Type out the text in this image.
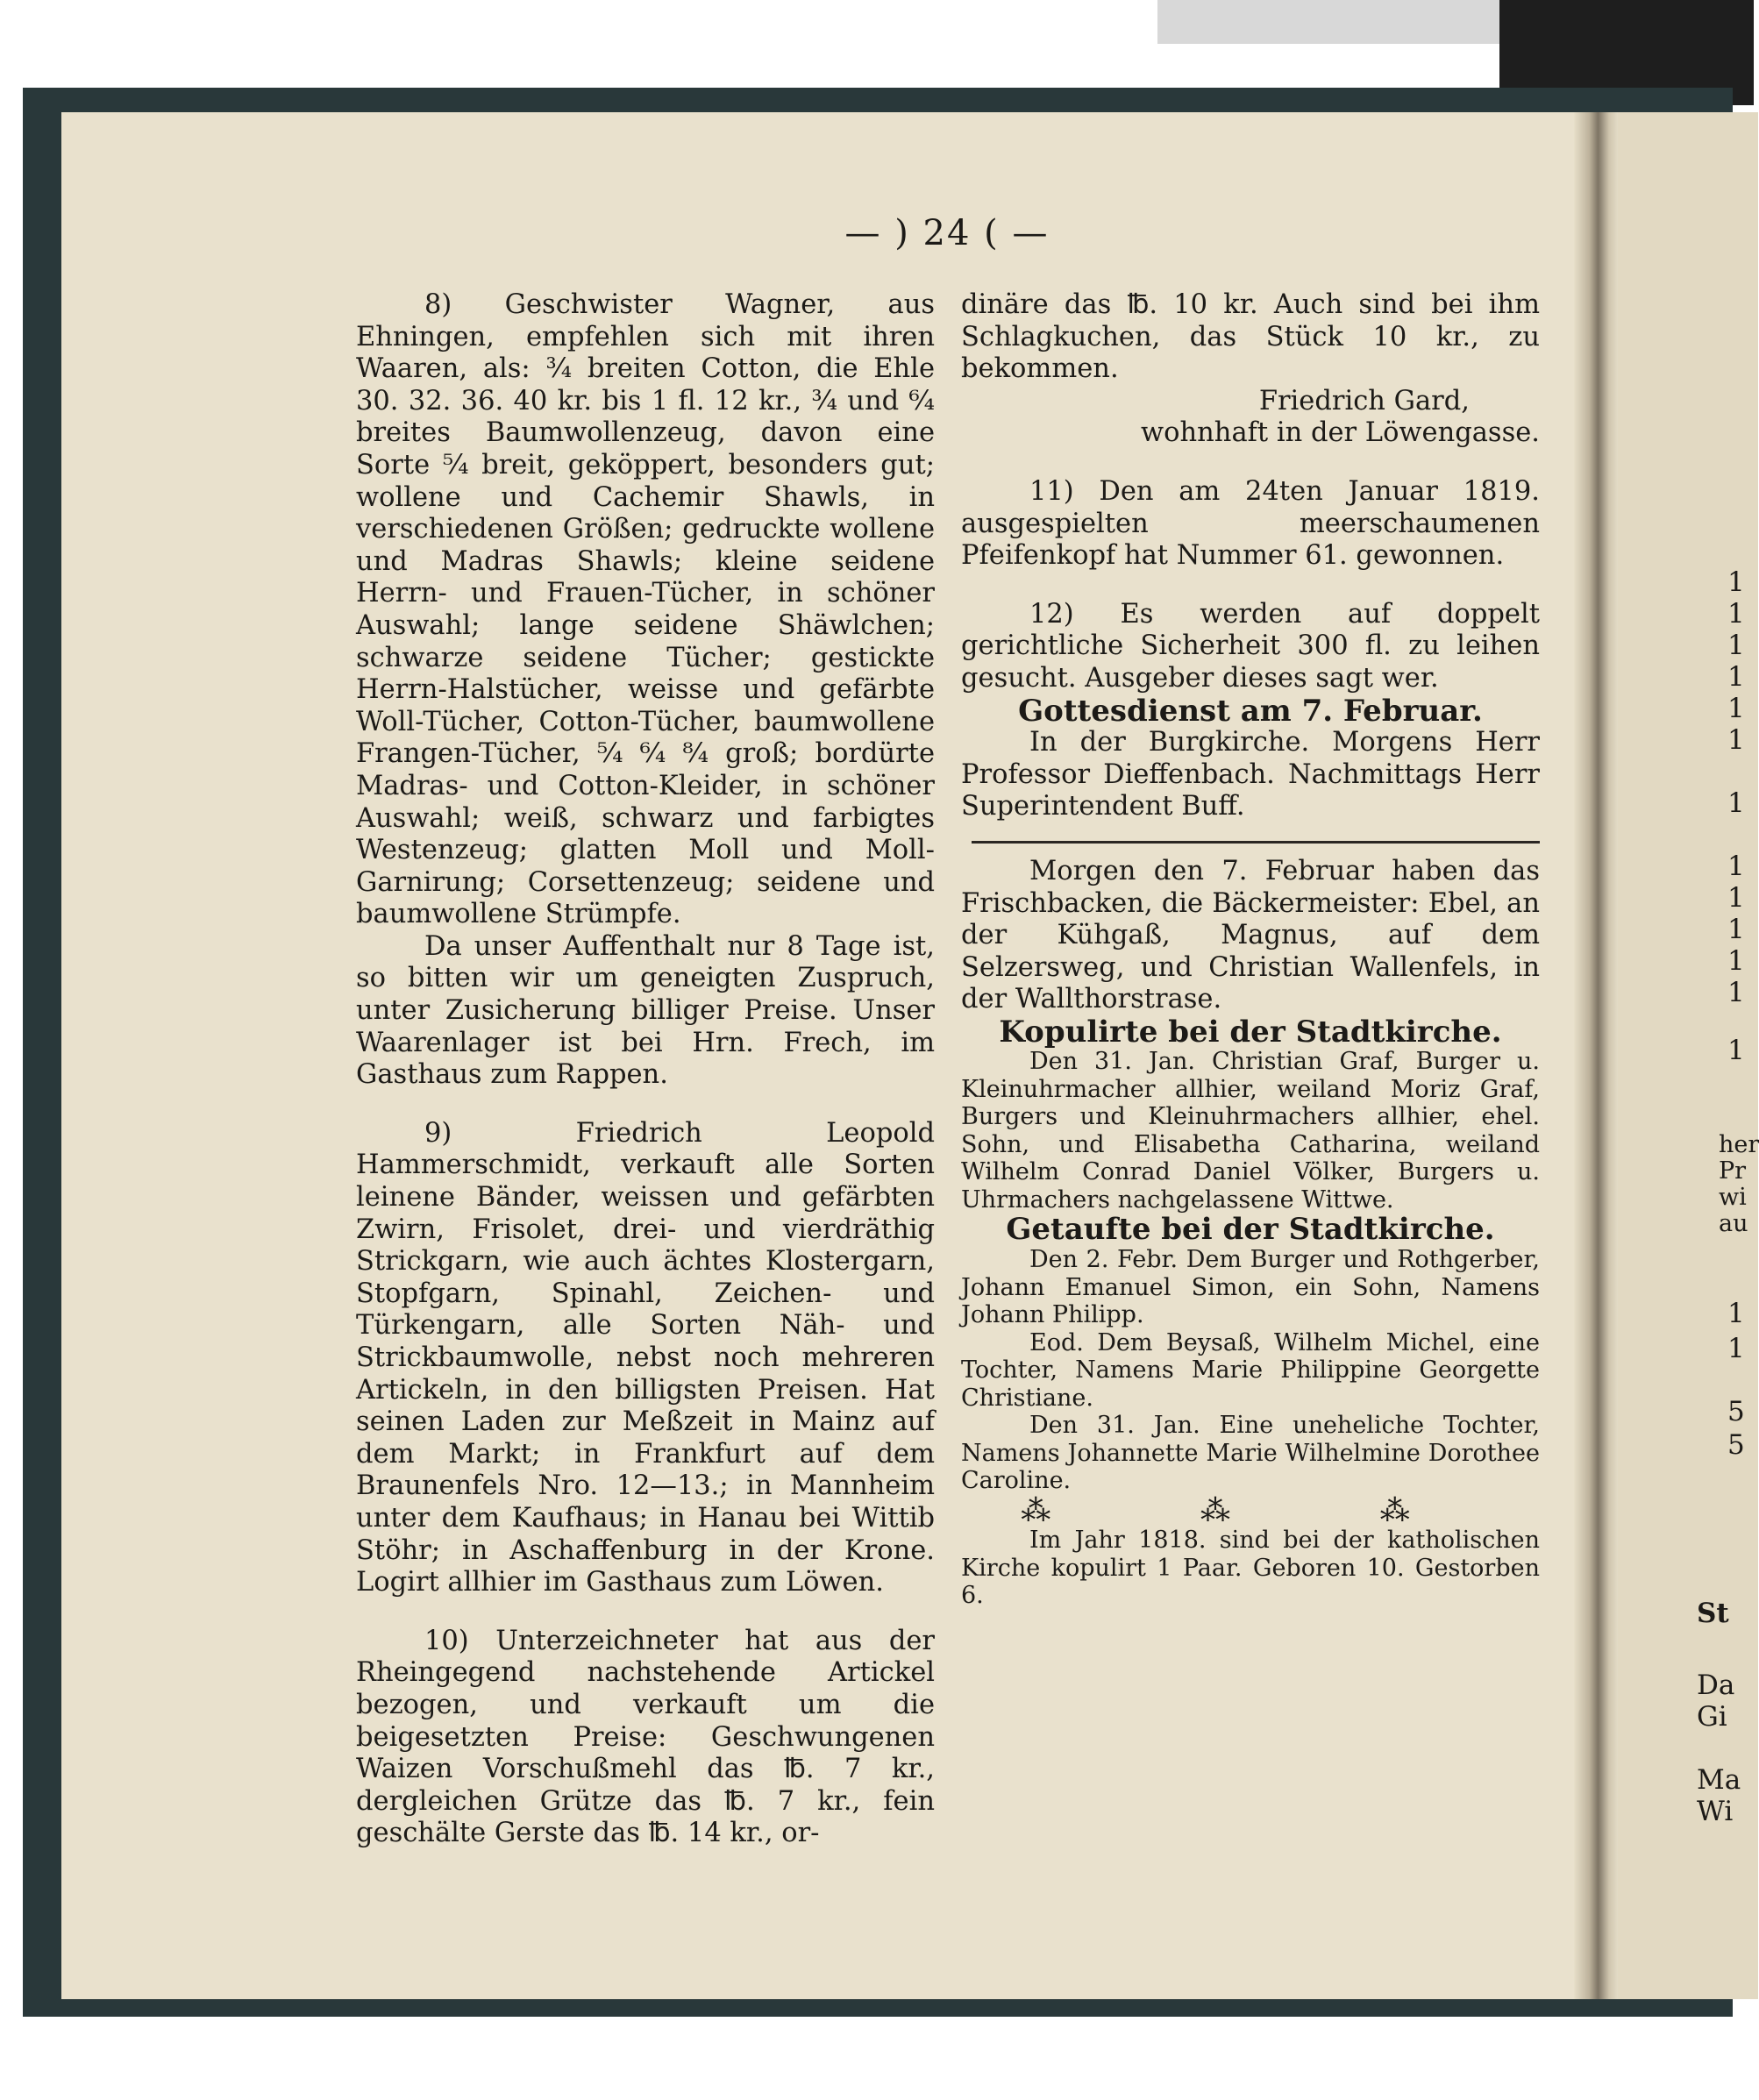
— ) 24 ( —

8) Geschwister Wagner, aus Ehningen, empfehlen sich mit ihren Waaren, als: ¾ breiten Cotton, die Ehle 30. 32. 36. 40 kr. bis 1 fl. 12 kr., ¾ und ⁶⁄₄ breites Baumwollenzeug, davon eine Sorte ⁵⁄₄ breit, geköppert, besonders gut; wollene und Cachemir Shawls, in verschiedenen Größen; gedruckte wollene und Madras Shawls; kleine seidene Herrn- und Frauen-Tücher, in schöner Auswahl; lange seidene Shäwlchen; schwarze seidene Tücher; gestickte Herrn-Halstücher, weisse und gefärbte Woll-Tücher, Cotton-Tücher, baumwollene Frangen-Tücher, ⁵⁄₄ ⁶⁄₄ ⁸⁄₄ groß; bordürte Madras- und Cotton-Kleider, in schöner Auswahl; weiß, schwarz und farbigtes Westenzeug; glatten Moll und Moll-Garnirung; Corsettenzeug; seidene und baumwollene Strümpfe.

Da unser Auffenthalt nur 8 Tage ist, so bitten wir um geneigten Zuspruch, unter Zusicherung billiger Preise. Unser Waarenlager ist bei Hrn. Frech, im Gasthaus zum Rappen.

9) Friedrich Leopold Hammerschmidt, verkauft alle Sorten leinene Bänder, weissen und gefärbten Zwirn, Frisolet, drei- und vierdräthig Strickgarn, wie auch ächtes Klostergarn, Stopfgarn, Spinahl, Zeichen- und Türkengarn, alle Sorten Näh- und Strickbaumwolle, nebst noch mehreren Artickeln, in den billigsten Preisen. Hat seinen Laden zur Meßzeit in Mainz auf dem Markt; in Frankfurt auf dem Braunenfels Nro. 12—13.; in Mannheim unter dem Kaufhaus; in Hanau bei Wittib Stöhr; in Aschaffenburg in der Krone. Logirt allhier im Gasthaus zum Löwen.

10) Unterzeichneter hat aus der Rheingegend nachstehende Artickel bezogen, und verkauft um die beigesetzten Preise: Geschwungenen Waizen Vorschußmehl das ℔. 7 kr., dergleichen Grütze das ℔. 7 kr., fein geschälte Gerste das ℔. 14 kr., or-

dinäre das ℔. 10 kr. Auch sind bei ihm Schlagkuchen, das Stück 10 kr., zu bekommen.

Friedrich Gard,

wohnhaft in der Löwengasse.

11) Den am 24ten Januar 1819. ausgespielten meerschaumenen Pfeifenkopf hat Nummer 61. gewonnen.

12) Es werden auf doppelt gerichtliche Sicherheit 300 fl. zu leihen gesucht. Ausgeber dieses sagt wer.

Gottesdienst am 7. Februar.

In der Burgkirche. Morgens Herr Professor Dieffenbach. Nachmittags Herr Superintendent Buff.

Morgen den 7. Februar haben das Frischbacken, die Bäckermeister: Ebel, an der Kühgaß, Magnus, auf dem Selzersweg, und Christian Wallenfels, in der Wallthorstrase.

Kopulirte bei der Stadtkirche.

Den 31. Jan. Christian Graf, Burger u. Kleinuhrmacher allhier, weiland Moriz Graf, Burgers und Kleinuhrmachers allhier, ehel. Sohn, und Elisabetha Catharina, weiland Wilhelm Conrad Daniel Völker, Burgers u. Uhrmachers nachgelassene Wittwe.

Getaufte bei der Stadtkirche.

Den 2. Febr. Dem Burger und Rothgerber, Johann Emanuel Simon, ein Sohn, Namens Johann Philipp.

Eod. Dem Beysaß, Wilhelm Michel, eine Tochter, Namens Marie Philippine Georgette Christiane.

Den 31. Jan. Eine uneheliche Tochter, Namens Johannette Marie Wilhelmine Dorothee Caroline.

⁂ ⁂ ⁂

Im Jahr 1818. sind bei der katholischen Kirche kopulirt 1 Paar. Geboren 10. Gestorben 6.

1
1
1
1
1
1
1
1
1
1
1
1
1
her
Pr
wi
au
1
1
5
5
St
Da
Gi
Ma
Wi
